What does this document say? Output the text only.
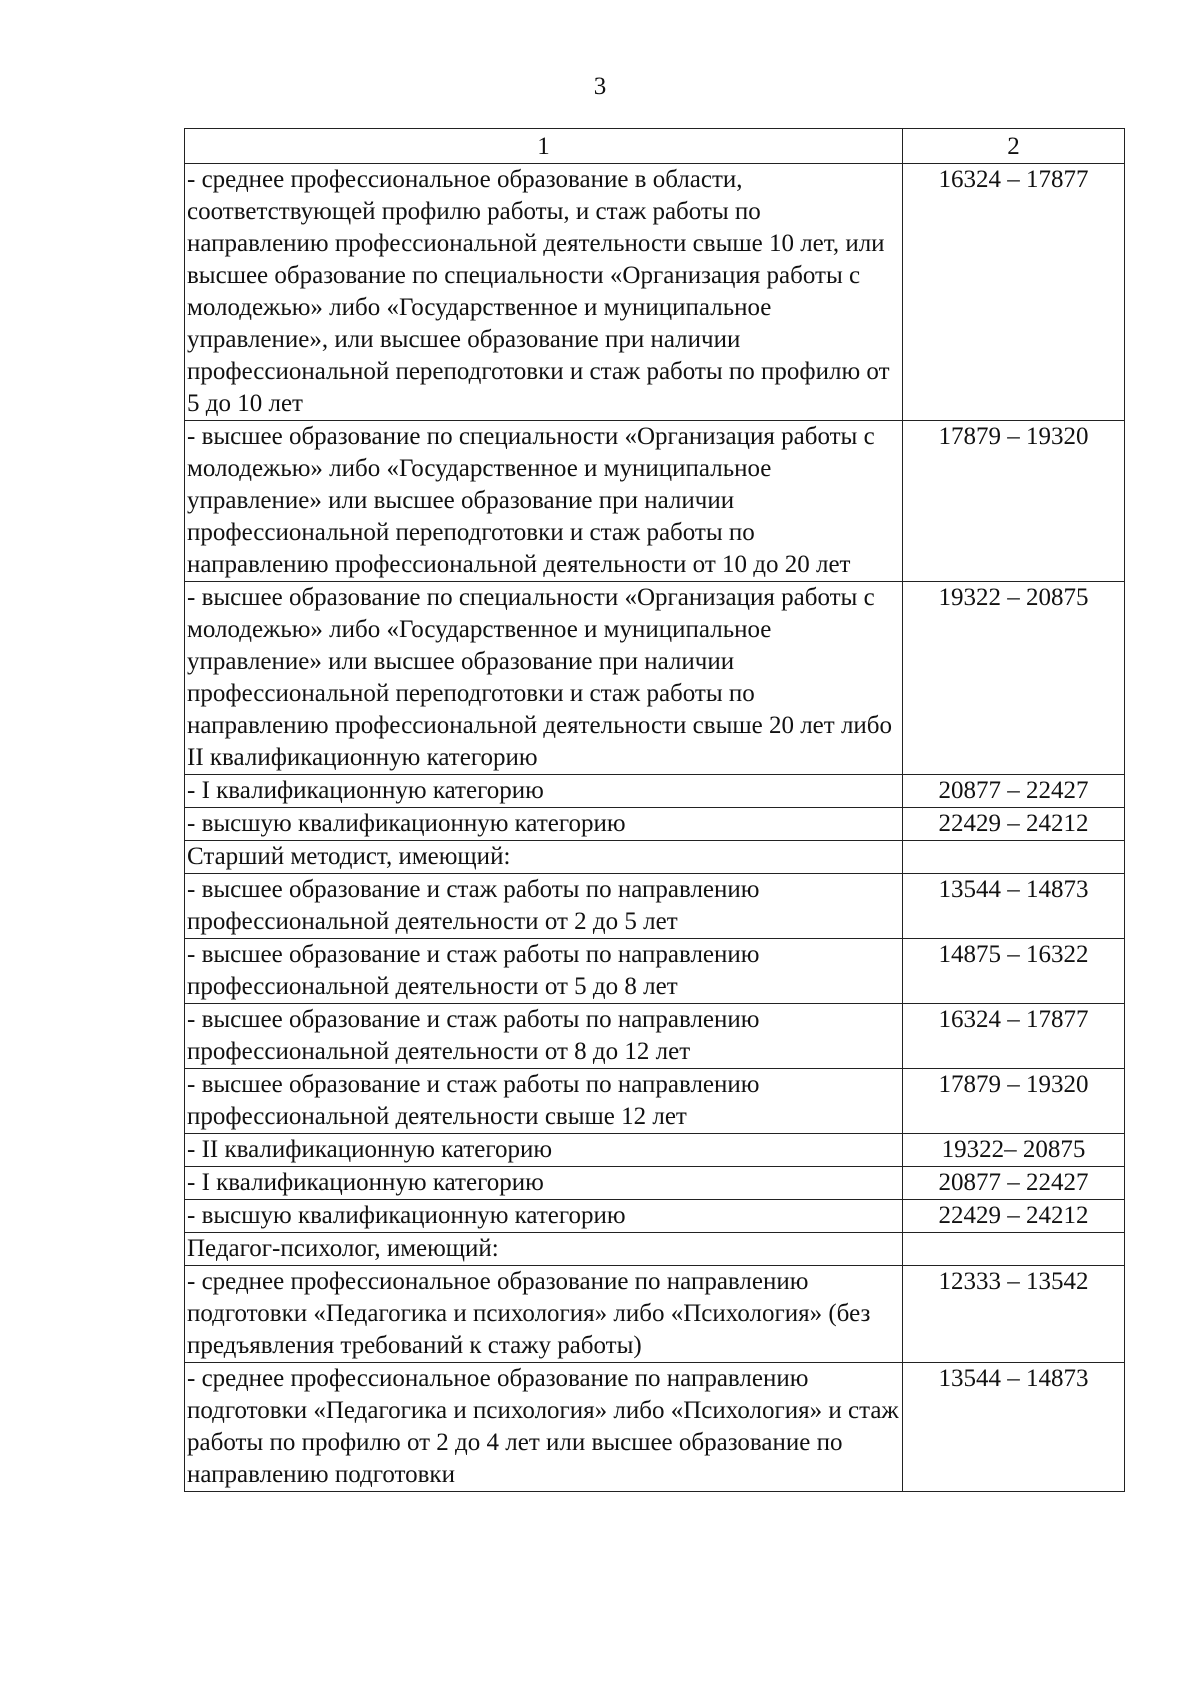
3
1	2
- среднее профессиональное образование в области, соответствующей профилю работы, и стаж работы по направлению профессиональной деятельности свыше 10 лет, или высшее образование по специальности «Организация работы с молодежью» либо «Государственное и муниципальное управление», или высшее образование при наличии профессиональной переподготовки и стаж работы по профилю от 5 до 10 лет	16324 – 17877
- высшее образование по специальности «Организация работы с молодежью» либо «Государственное и муниципальное управление» или высшее образование при наличии профессиональной переподготовки и стаж работы по направлению профессиональной деятельности от 10 до 20 лет	17879 – 19320
- высшее образование по специальности «Организация работы с молодежью» либо «Государственное и муниципальное управление» или высшее образование при наличии профессиональной переподготовки и стаж работы по направлению профессиональной деятельности свыше 20 лет либо II квалификационную категорию	19322 – 20875
- I квалификационную категорию	20877 – 22427
- высшую квалификационную категорию	22429 – 24212
Старший методист, имеющий:	
- высшее образование и стаж работы по направлению профессиональной деятельности от 2 до 5 лет	13544 – 14873
- высшее образование и стаж работы по направлению профессиональной деятельности от 5 до 8 лет	14875 – 16322
- высшее образование и стаж работы по направлению профессиональной деятельности от 8 до 12 лет	16324 – 17877
- высшее образование и стаж работы по направлению профессиональной деятельности свыше 12 лет	17879 – 19320
- II квалификационную категорию	19322– 20875
- I квалификационную категорию	20877 – 22427
- высшую квалификационную категорию	22429 – 24212
Педагог-психолог, имеющий:	
- среднее профессиональное образование по направлению подготовки «Педагогика и психология» либо «Психология» (без предъявления требований к стажу работы)	12333 – 13542
- среднее профессиональное образование по направлению подготовки «Педагогика и психология» либо «Психология» и стаж работы по профилю от 2 до 4 лет или высшее образование по направлению подготовки	13544 – 14873
